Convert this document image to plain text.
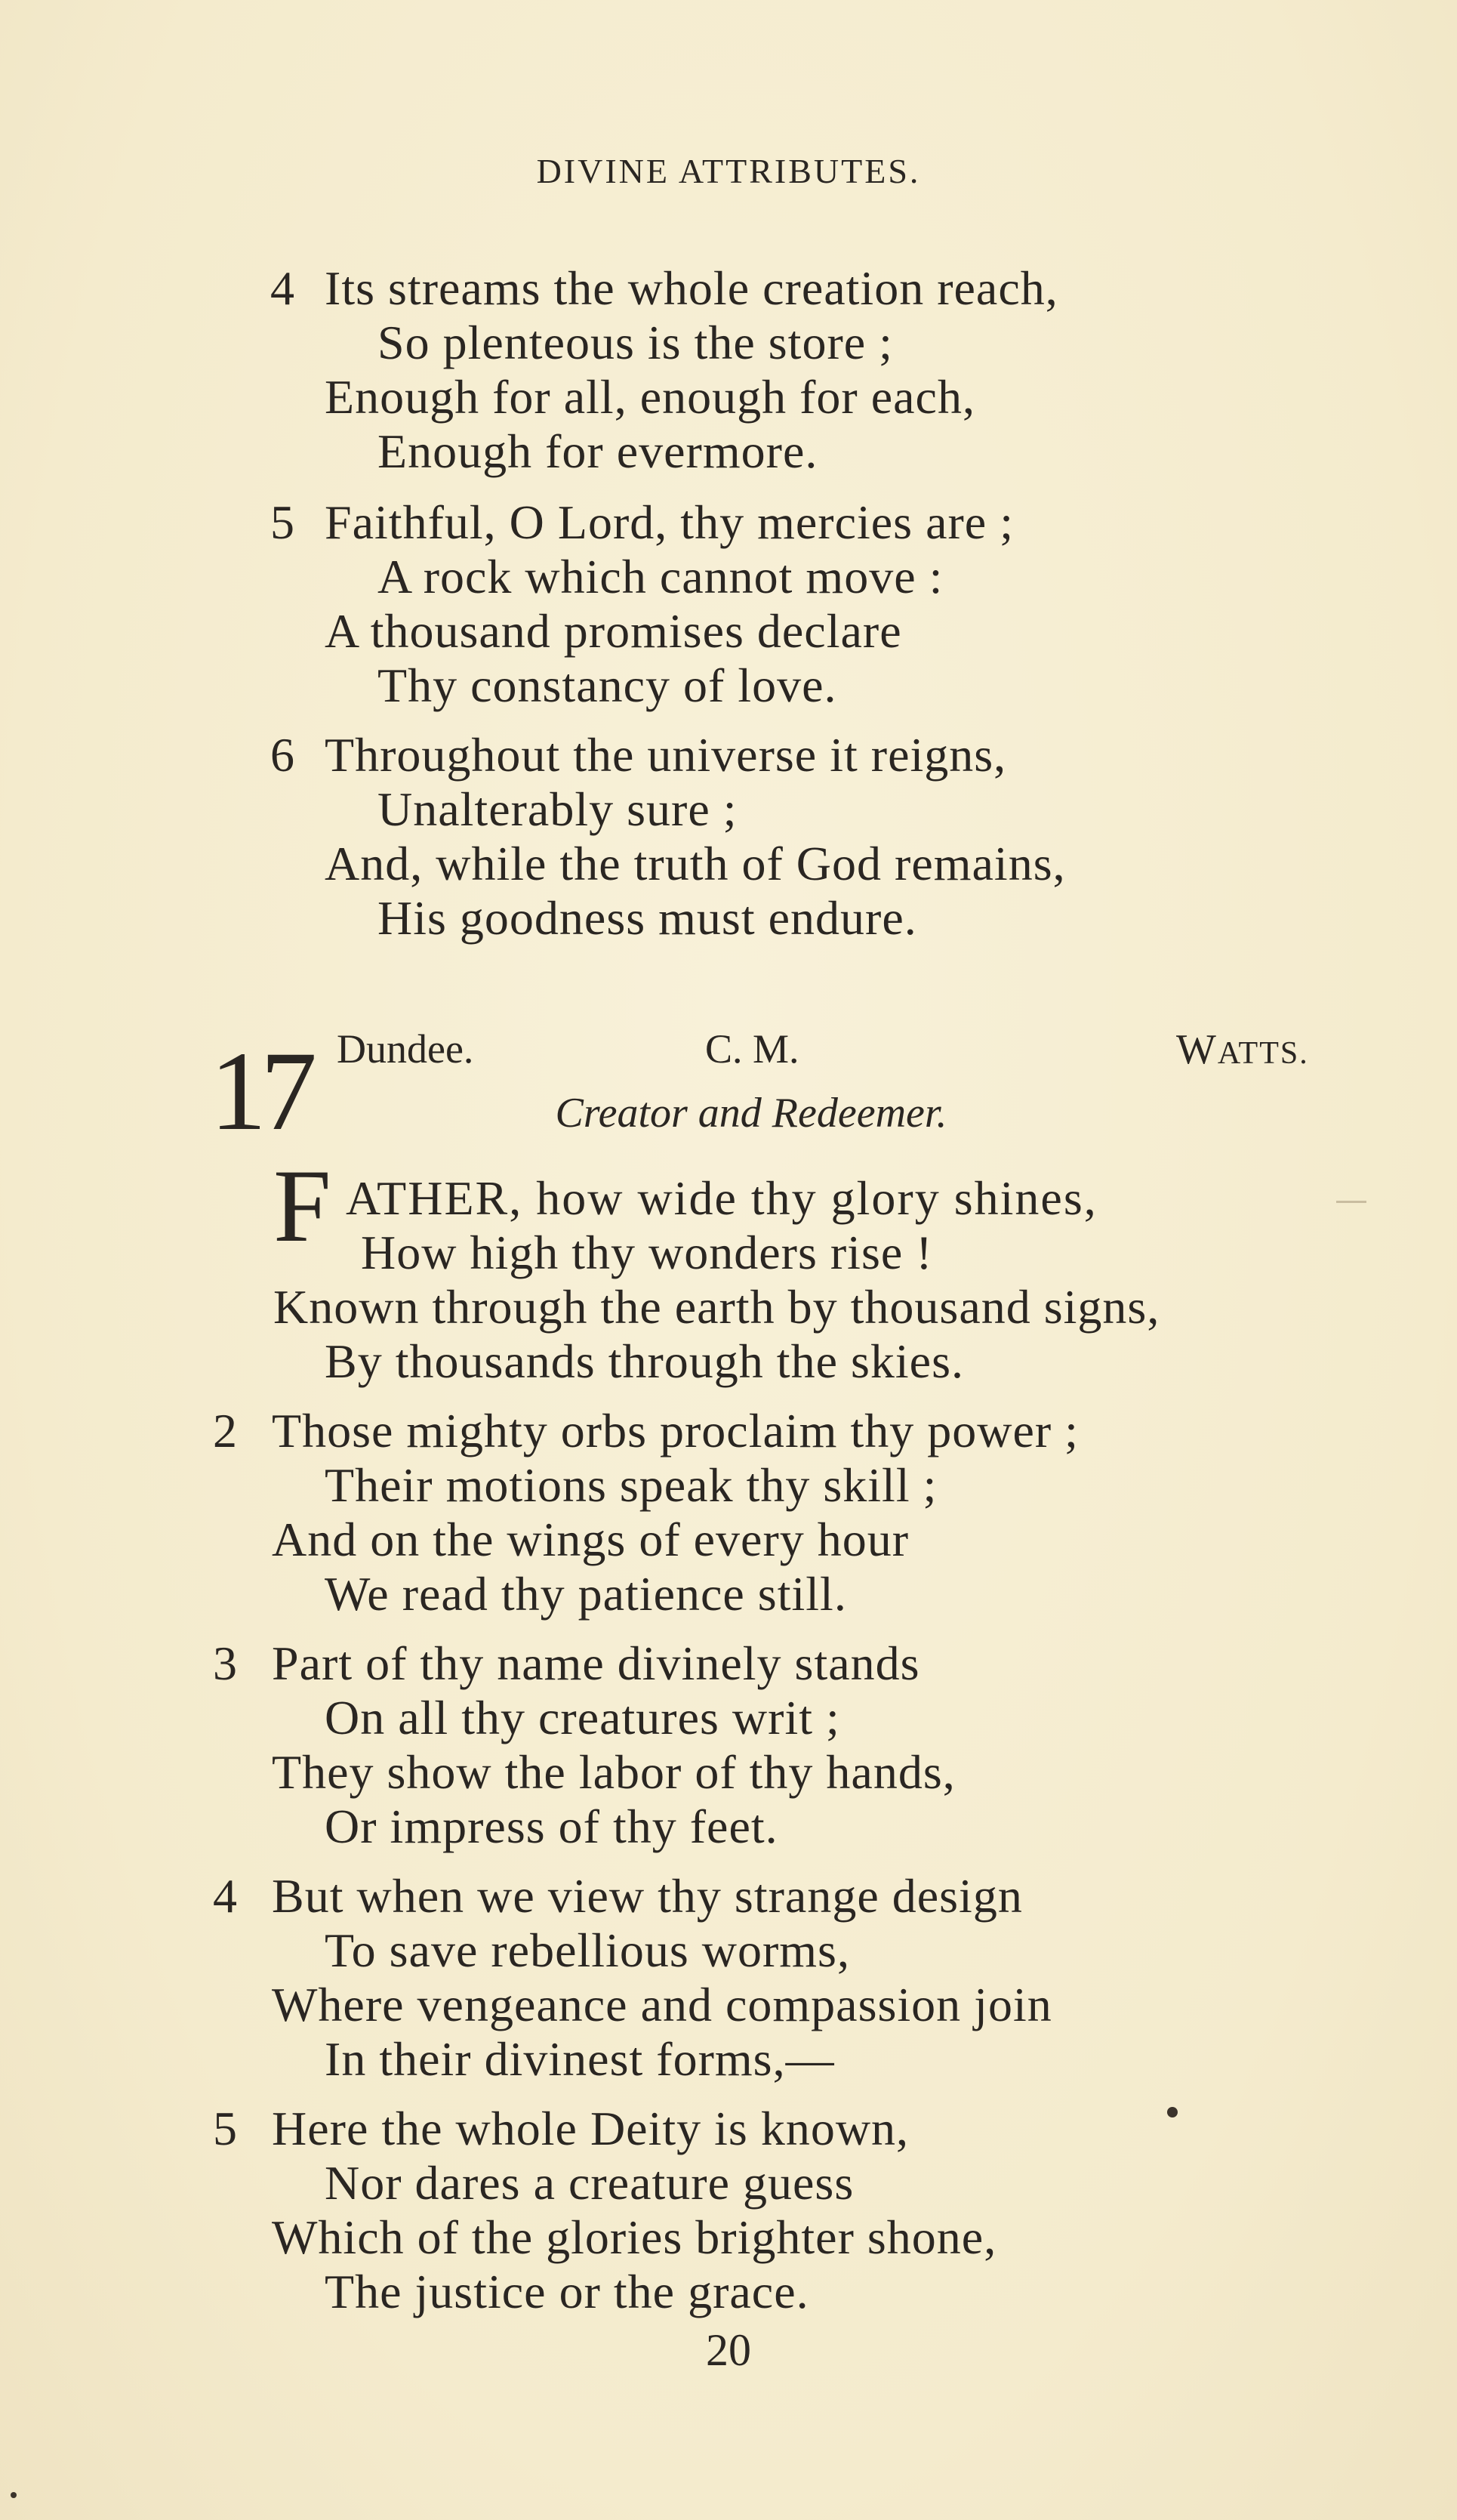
DIVINE ATTRIBUTES.
4 Its streams the whole creation reach,
So plenteous is the store ;
Enough for all, enough for each,
Enough for evermore.
5 Faithful, O Lord, thy mercies are ;
A rock which cannot move :
A thousand promises declare
Thy constancy of love.
6 Throughout the universe it reigns,
Unalterably sure ;
And, while the truth of God remains,
His goodness must endure.
17 Dundee.	C. M.	WATTS.
Creator and Redeemer.
F ATHER, how wide thy glory shines,
How high thy wonders rise !
Known through the earth by thousand signs,
By thousands through the skies.
2 Those mighty orbs proclaim thy power ;
Their motions speak thy skill ;
And on the wings of every hour
We read thy patience still.
3 Part of thy name divinely stands
On all thy creatures writ ;
They show the labor of thy hands,
Or impress of thy feet.
4 But when we view thy strange design
To save rebellious worms,
Where vengeance and compassion join
In their divinest forms,—
5 Here the whole Deity is known,
Nor dares a creature guess
Which of the glories brighter shone,
The justice or the grace.
20
